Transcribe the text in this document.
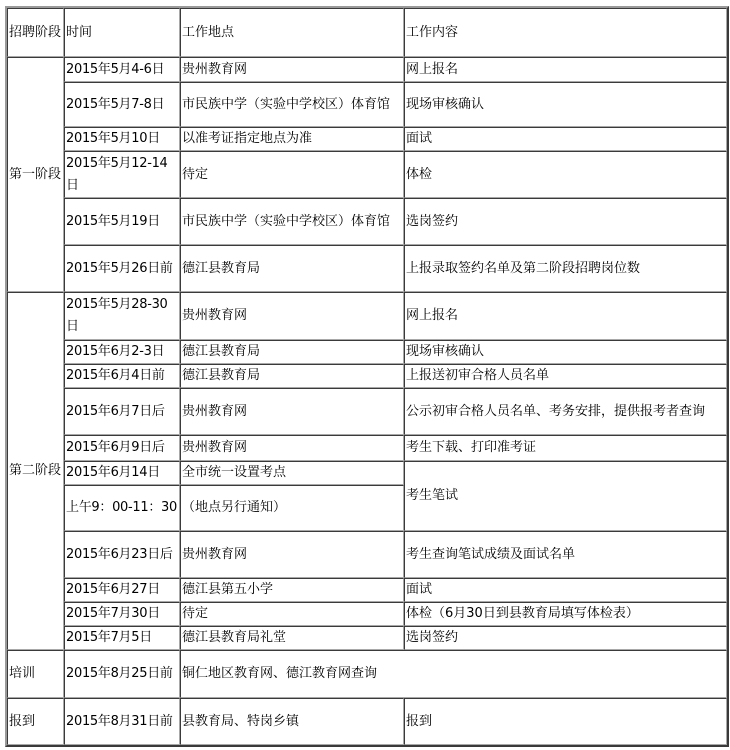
招聘阶段	时间	工作地点	工作内容
第一阶段	2015年5月4-6日	贵州教育网	网上报名
	2015年5月7-8日	市民族中学（实验中学校区）体育馆	现场审核确认
	2015年5月10日	以准考证指定地点为准	面试
	2015年5月12-14日	待定	体检
	2015年5月19日	市民族中学（实验中学校区）体育馆	选岗签约
	2015年5月26日前	德江县教育局	上报录取签约名单及第二阶段招聘岗位数
第二阶段	2015年5月28-30日	贵州教育网	网上报名
	2015年6月2-3日	德江县教育局	现场审核确认
	2015年6月4日前	德江县教育局	上报送初审合格人员名单
	2015年6月7日后	贵州教育网	公示初审合格人员名单、考务安排，提供报考者查询
	2015年6月9日后	贵州教育网	考生下载、打印准考证
	2015年6月14日	全市统一设置考点	考生笔试
	上午9：00-11：30	（地点另行通知）	
	2015年6月23日后	贵州教育网	考生查询笔试成绩及面试名单
	2015年6月27日	德江县第五小学	面试
	2015年7月30日	待定	体检（6月30日到县教育局填写体检表）
	2015年7月5日	德江县教育局礼堂	选岗签约
培训	2015年8月25日前	铜仁地区教育网、德江教育网查询	
报到	2015年8月31日前	县教育局、特岗乡镇	报到
